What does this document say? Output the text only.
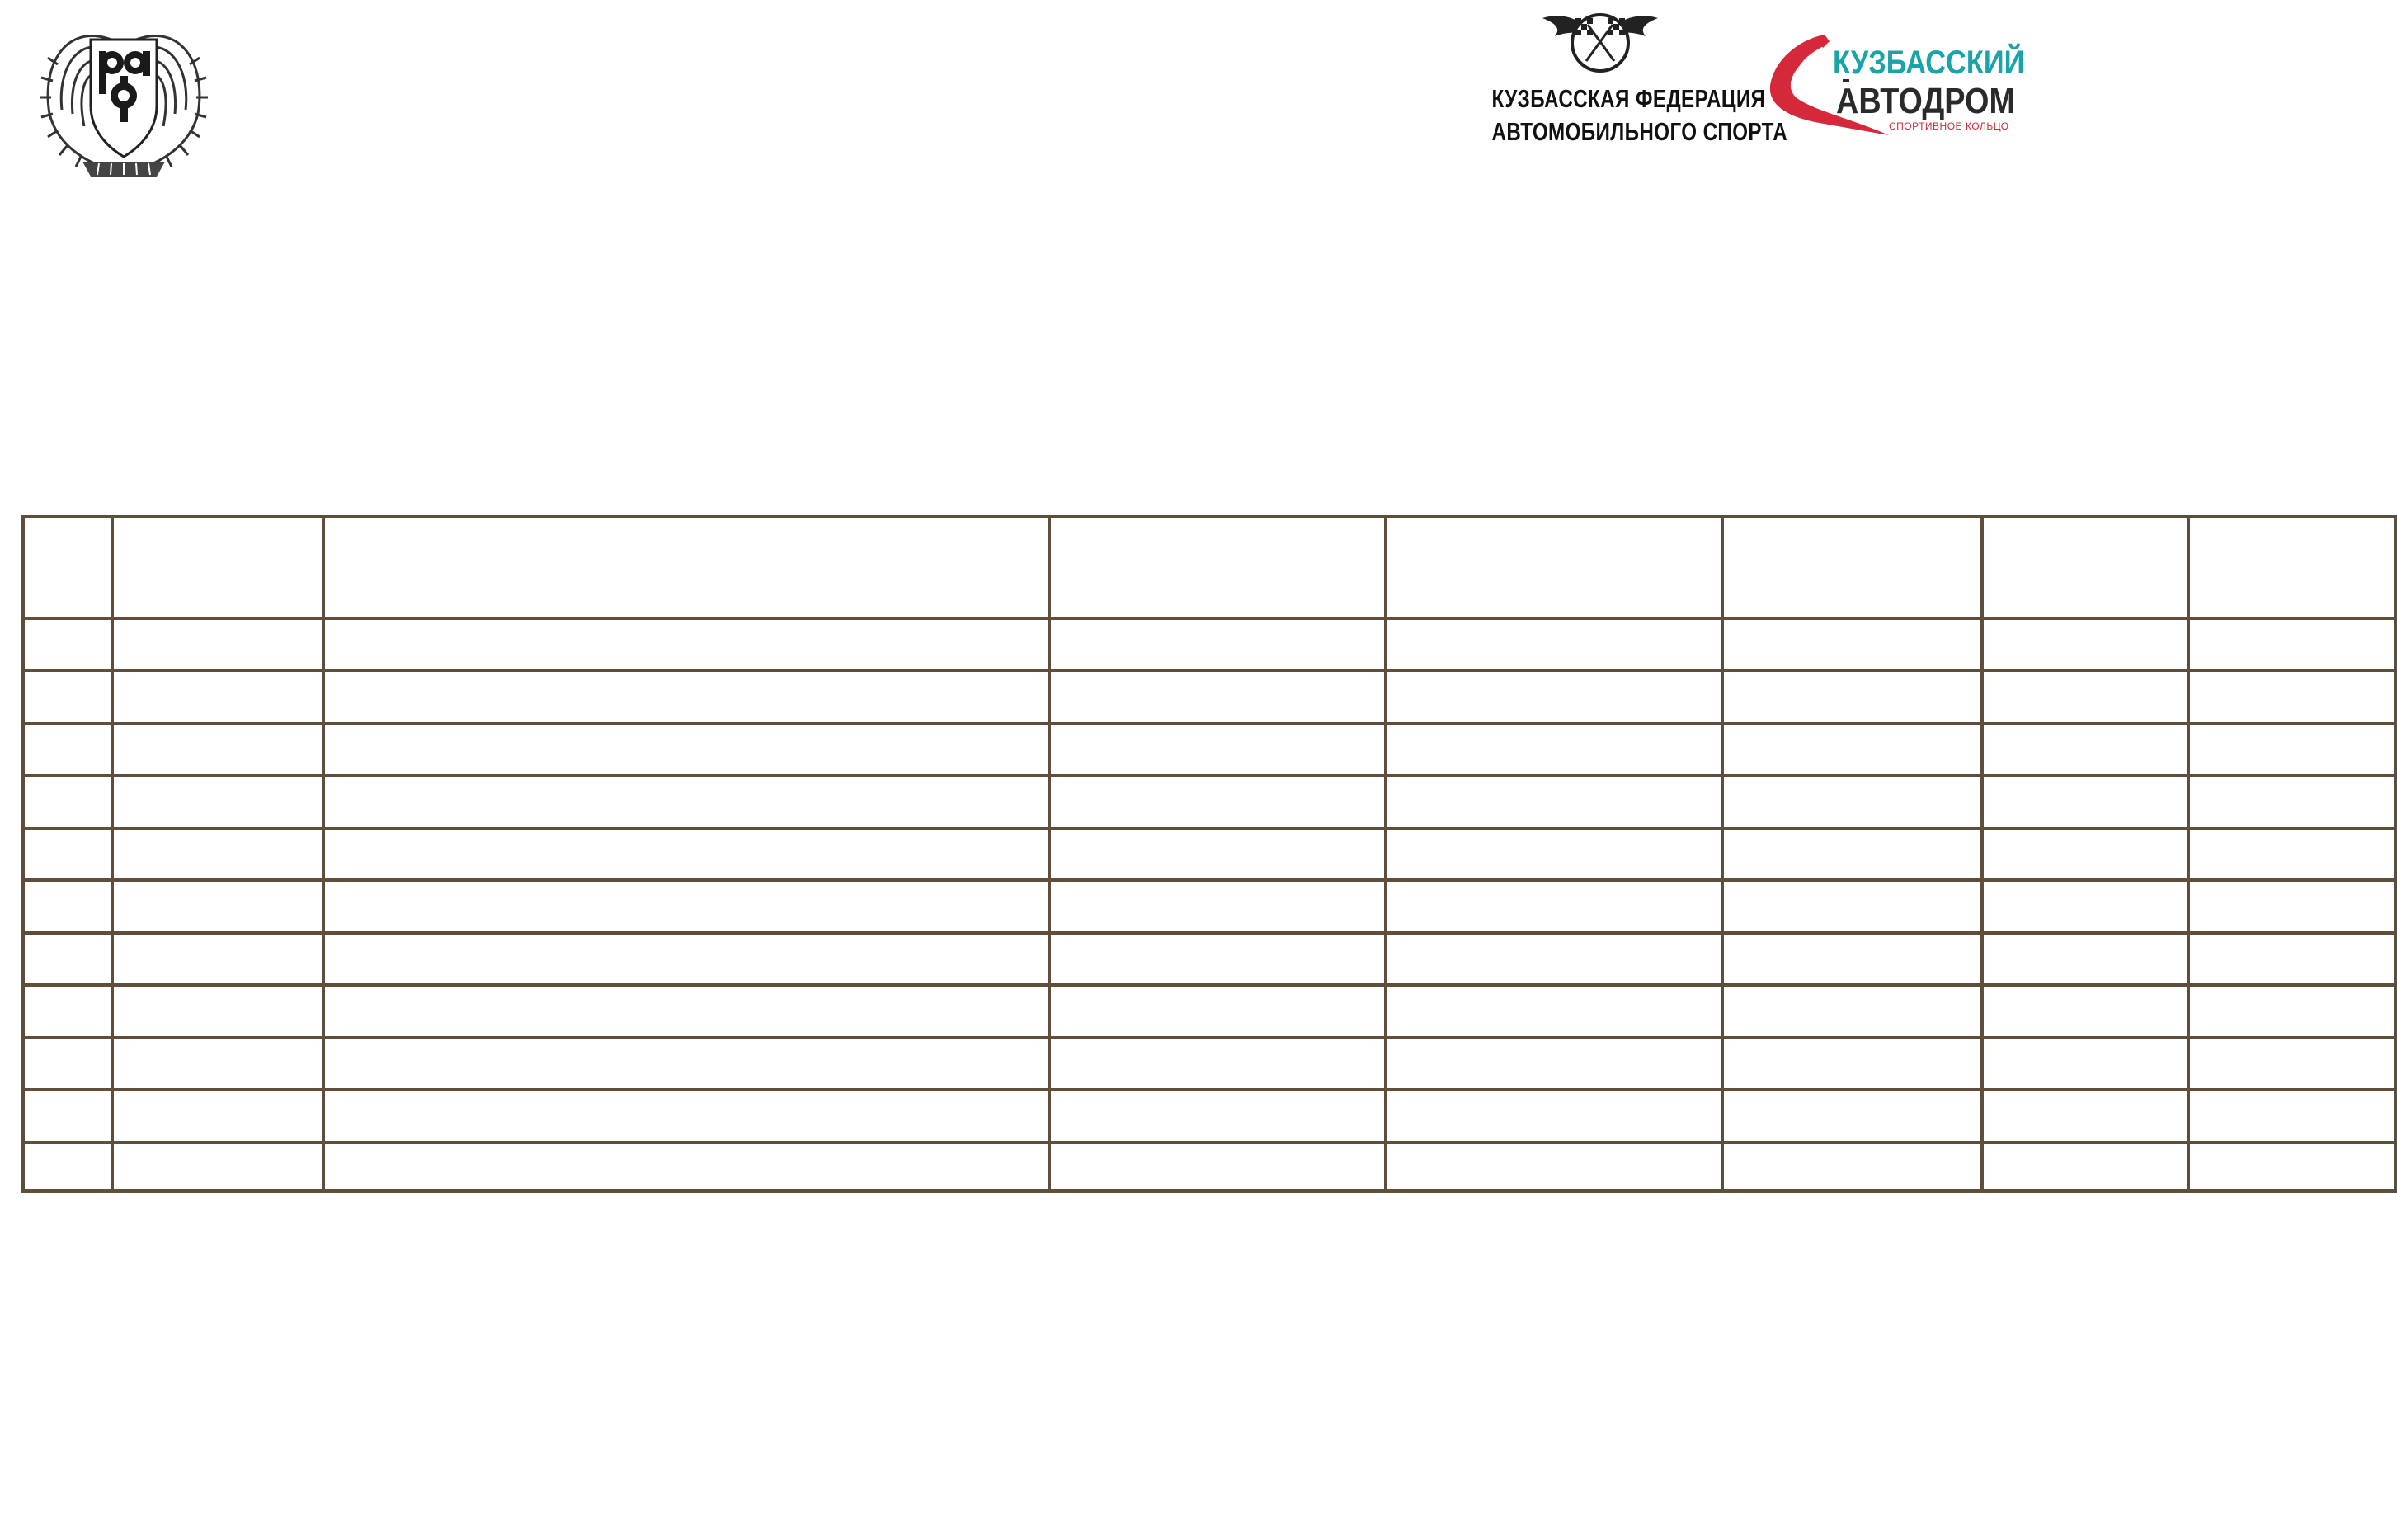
КУЗБАССКАЯ ФЕДЕРАЦИЯ
АВТОМОБИЛЬНОГО СПОРТА
КУЗБАССКИЙ
АВТОДРОМ
СПОРТИВНОЕ КОЛЬЦО
